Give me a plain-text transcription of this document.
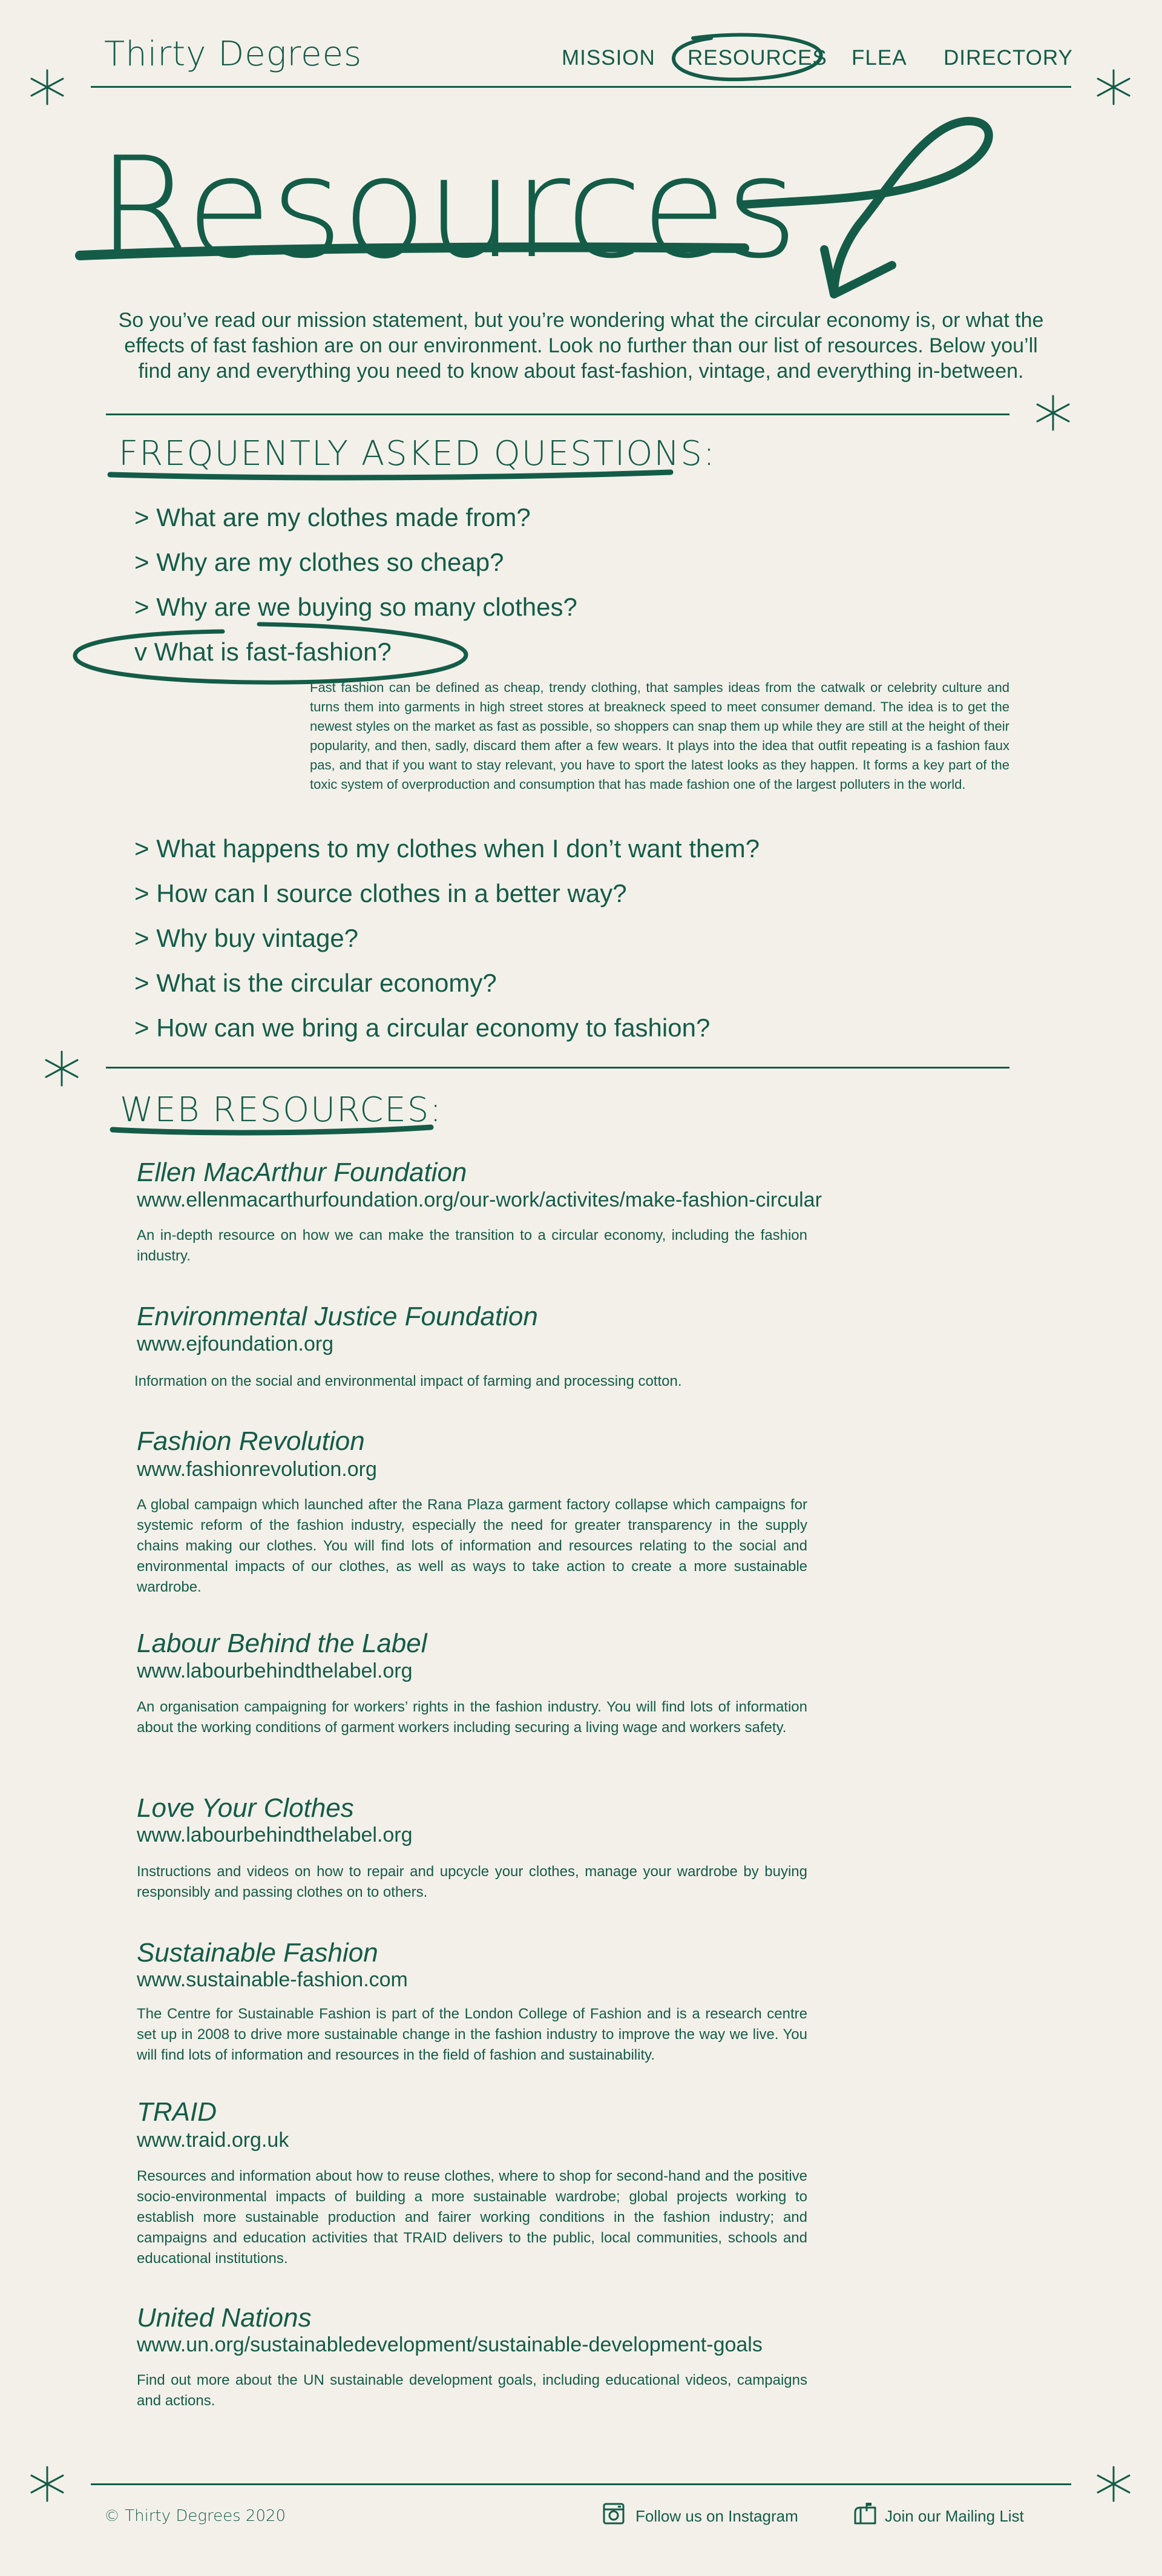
Thirty Degrees	MISSION RESOURCES FLEA DIRECTORY
Resources
So you’ve read our mission statement, but you’re wondering what the circular economy is, or what the effects of fast fashion are on our environment. Look no further than our list of resources. Below you’ll find any and everything you need to know about fast-fashion, vintage, and everything in-between.
FREQUENTLY ASKED QUESTIONS:
> What are my clothes made from?
> Why are my clothes so cheap?
> Why are we buying so many clothes?
v What is fast-fashion?
Fast fashion can be defined as cheap, trendy clothing, that samples ideas from the catwalk or celebrity culture and turns them into garments in high street stores at breakneck speed to meet consumer demand. The idea is to get the newest styles on the market as fast as possible, so shoppers can snap them up while they are still at the height of their popularity, and then, sadly, discard them after a few wears. It plays into the idea that outfit repeating is a fashion faux pas, and that if you want to stay relevant, you have to sport the latest looks as they happen. It forms a key part of the toxic system of overproduction and consumption that has made fashion one of the largest polluters in the world.
> What happens to my clothes when I don’t want them?
> How can I source clothes in a better way?
> Why buy vintage?
> What is the circular economy?
> How can we bring a circular economy to fashion?
WEB RESOURCES:
Ellen MacArthur Foundation
www.ellenmacarthurfoundation.org/our-work/activites/make-fashion-circular
An in-depth resource on how we can make the transition to a circular economy, including the fashion industry.
Environmental Justice Foundation
www.ejfoundation.org
Information on the social and environmental impact of farming and processing cotton.
Fashion Revolution
www.fashionrevolution.org
A global campaign which launched after the Rana Plaza garment factory collapse which campaigns for systemic reform of the fashion industry, especially the need for greater transparency in the supply chains making our clothes. You will find lots of information and resources relating to the social and environmental impacts of our clothes, as well as ways to take action to create a more sustainable wardrobe.
Labour Behind the Label
www.labourbehindthelabel.org
An organisation campaigning for workers’ rights in the fashion industry. You will find lots of information about the working conditions of garment workers including securing a living wage and workers safety.
Love Your Clothes
www.labourbehindthelabel.org
Instructions and videos on how to repair and upcycle your clothes, manage your wardrobe by buying responsibly and passing clothes on to others.
Sustainable Fashion
www.sustainable-fashion.com
The Centre for Sustainable Fashion is part of the London College of Fashion and is a research centre set up in 2008 to drive more sustainable change in the fashion industry to improve the way we live. You will find lots of information and resources in the field of fashion and sustainability.
TRAID
www.traid.org.uk
Resources and information about how to reuse clothes, where to shop for second-hand and the positive socio-environmental impacts of building a more sustainable wardrobe; global projects working to establish more sustainable production and fairer working conditions in the fashion industry; and campaigns and education activities that TRAID delivers to the public, local communities, schools and educational institutions.
United Nations
www.un.org/sustainabledevelopment/sustainable-development-goals
Find out more about the UN sustainable development goals, including educational videos, campaigns and actions.
© Thirty Degrees 2020	Follow us on Instagram	Join our Mailing List
